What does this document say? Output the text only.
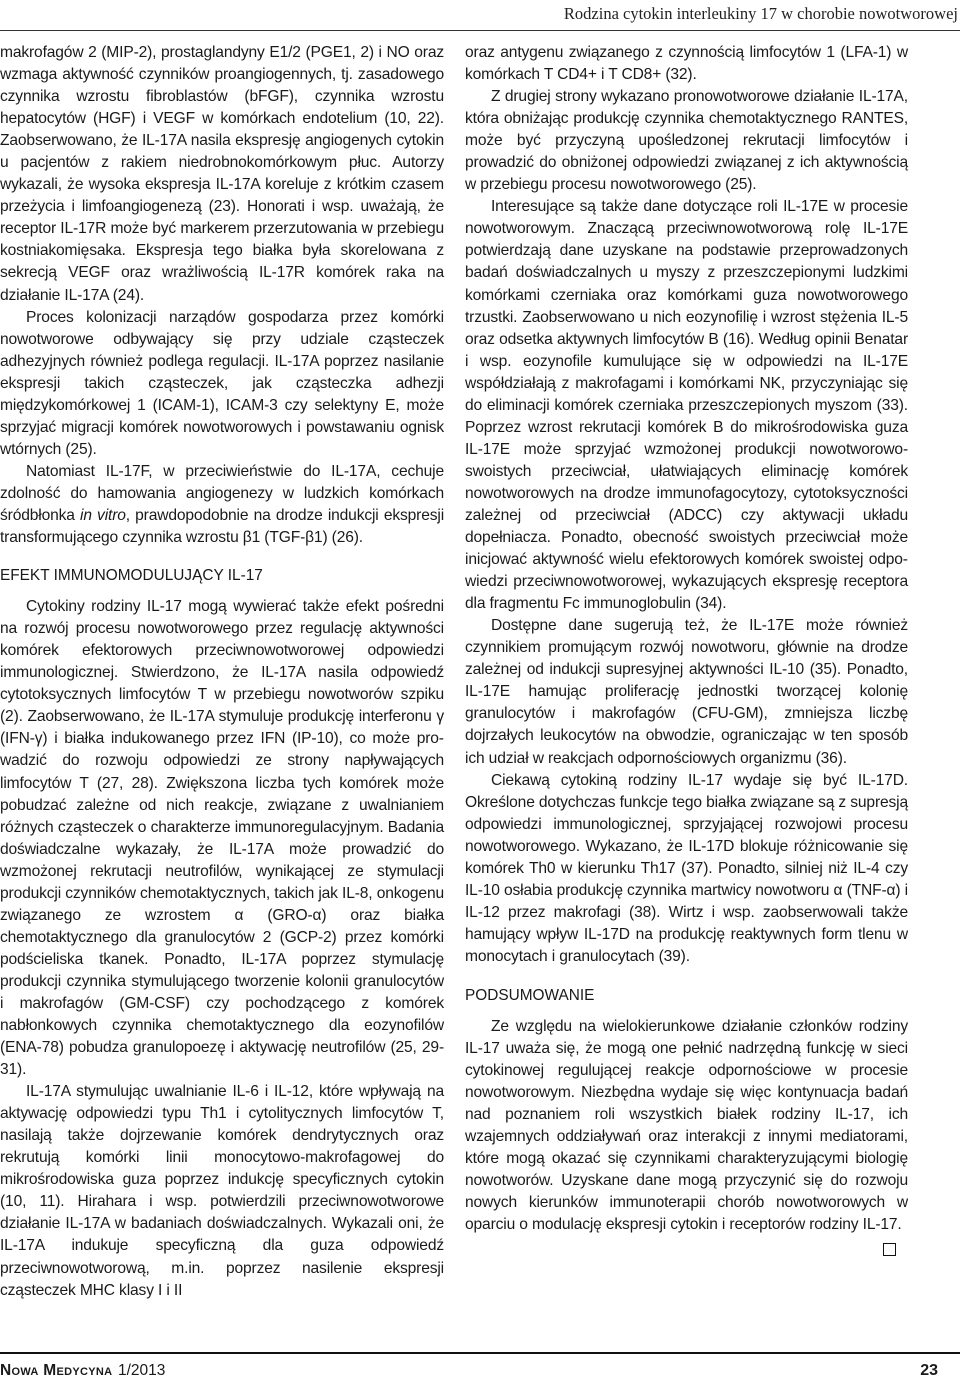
Rodzina cytokin interleukiny 17 w chorobie nowotworowej

makrofagów 2 (MIP-2), prostaglandyny E1/2 (PGE1, 2) i NO oraz wzmaga aktywność czynników proangiogennych, tj. zasadowego czynnika wzrostu fibroblastów (bFGF), czynnika wzrostu hepatocytów (HGF) i VEGF w komórkach endotelium (10, 22). Zaobserwowano, że IL-17A nasila ekspresję angiogenych cytokin u pacjentów z rakiem niedrobnokomórkowym płuc. Autorzy wykazali, że wysoka ekspresja IL-17A koreluje z krótkim czasem przeżycia i limfoangiogenezą (23). Honorati i wsp. uważają, że receptor IL-17R może być markerem przerzutowania w przebiegu kostniakomięsaka. Ekspresja tego białka była skorelowana z sekrecją VEGF oraz wrażliwością IL-17R komórek raka na działanie IL-17A (24).

Proces kolonizacji narządów gospodarza przez komórki nowotworowe odbywający się przy udziale cząsteczek adhezyjnych również podlega regulacji. IL-17A poprzez nasilanie ekspresji takich cząsteczek, jak cząsteczka adhezji międzykomórkowej 1 (ICAM-1), ICAM-3 czy selektyny E, może sprzyjać migracji komórek nowotworowych i powstawaniu ognisk wtórnych (25).

Natomiast IL-17F, w przeciwieństwie do IL-17A, cechuje zdolność do hamowania angiogenezy w ludzkich komórkach śródbłonka in vitro, prawdopodobnie na drodze indukcji ekspresji transformującego czynnika wzrostu β1 (TGF-β1) (26).

EFEKT IMMUNOMODULUJĄCY IL-17

Cytokiny rodziny IL-17 mogą wywierać także efekt pośredni na rozwój procesu nowotworowego przez regulację aktywności komórek efektorowych przeciwnowotworowej odpowiedzi immunologicznej. Stwierdzono, że IL-17A nasila odpowiedź cytotoksycznych limfocytów T w przebiegu nowotworów szpiku (2). Zaobserwowano, że IL-17A stymuluje produkcję interferonu γ (IFN-γ) i białka indukowanego przez IFN (IP-10), co może prowadzić do rozwoju odpowiedzi ze strony napływających limfocytów T (27, 28). Zwiększona liczba tych komórek może pobudzać zależne od nich reakcje, związane z uwalnianiem różnych cząsteczek o charakterze immunoregulacyjnym. Badania doświadczalne wykazały, że IL-17A może prowadzić do wzmożonej rekrutacji neutrofilów, wynikającej ze stymulacji produkcji czynników chemotaktycznych, takich jak IL-8, onkogenu związanego ze wzrostem α (GRO-α) oraz białka chemotaktycznego dla granulocytów 2 (GCP-2) przez komórki podścieliska tkanek. Ponadto, IL-17A poprzez stymulację produkcji czynnika stymulującego tworzenie kolonii granulocytów i makrofagów (GM-CSF) czy pochodzącego z komórek nabłonkowych czynnika chemotaktycznego dla eozynofilów (ENA-78) pobudza granulopoezę i aktywację neutrofilów (25, 29-31).

IL-17A stymulując uwalnianie IL-6 i IL-12, które wpływają na aktywację odpowiedzi typu Th1 i cytolitycznych limfocytów T, nasilają także dojrzewanie komórek dendrytycznych oraz rekrutują komórki linii monocytowo-makrofagowej do mikrośrodowiska guza poprzez indukcję specyficznych cytokin (10, 11). Hirahara i wsp. potwierdzili przeciwnowotworowe działanie IL-17A w badaniach doświadczalnych. Wykazali oni, że IL-17A indukuje specyficzną dla guza odpowiedź przeciwnowotworową, m.in. poprzez nasilenie ekspresji cząsteczek MHC klasy I i II

oraz antygenu związanego z czynnością limfocytów 1 (LFA-1) w komórkach T CD4+ i T CD8+ (32).

Z drugiej strony wykazano pronowotworowe działanie IL-17A, która obniżając produkcję czynnika chemotaktycznego RANTES, może być przyczyną upośledzonej rekrutacji limfocytów i prowadzić do obniżonej odpowiedzi związanej z ich aktywnością w przebiegu procesu nowotworowego (25).

Interesujące są także dane dotyczące roli IL-17E w procesie nowotworowym. Znaczącą przeciwnowotworową rolę IL-17E potwierdzają dane uzyskane na podstawie przeprowadzonych badań doświadczalnych u myszy z przeszczepionymi ludzkimi komórkami czerniaka oraz komórkami guza nowotworowego trzustki. Zaobserwowano u nich eozynofilię i wzrost stężenia IL-5 oraz odsetka aktywnych limfocytów B (16). Według opinii Benatar i wsp. eozynofile kumulujące się w odpowiedzi na IL-17E współdziałają z makrofagami i komórkami NK, przyczyniając się do eliminacji komórek czerniaka przeszczepionych myszom (33). Poprzez wzrost rekrutacji komórek B do mikrośrodowiska guza IL-17E może sprzyjać wzmożonej produkcji nowotworowo-swoistych przeciwciał, ułatwiających eliminację komórek nowotworowych na drodze immunofagocytozy, cytotoksyczności zależnej od przeciwciał (ADCC) czy aktywacji układu dopełniacza. Ponadto, obecność swoistych przeciwciał może inicjować aktywność wielu efektorowych komórek swoistej odpowiedzi przeciwnowotworowej, wykazujących ekspresję receptora dla fragmentu Fc immunoglobulin (34).

Dostępne dane sugerują też, że IL-17E może również czynnikiem promującym rozwój nowotworu, głównie na drodze zależnej od indukcji supresyjnej aktywności IL-10 (35). Ponadto, IL-17E hamując proliferację jednostki tworzącej kolonię granulocytów i makrofagów (CFU-GM), zmniejsza liczbę dojrzałych leukocytów na obwodzie, ograniczając w ten sposób ich udział w reakcjach odpornościowych organizmu (36).

Ciekawą cytokiną rodziny IL-17 wydaje się być IL-17D. Określone dotychczas funkcje tego białka związane są z supresją odpowiedzi immunologicznej, sprzyjającej rozwojowi procesu nowotworowego. Wykazano, że IL-17D blokuje różnicowanie się komórek Th0 w kierunku Th17 (37). Ponadto, silniej niż IL-4 czy IL-10 osłabia produkcję czynnika martwicy nowotworu α (TNF-α) i IL-12 przez makrofagi (38). Wirtz i wsp. zaobserwowali także hamujący wpływ IL-17D na produkcję reaktywnych form tlenu w monocytach i granulocytach (39).

PODSUMOWANIE

Ze względu na wielokierunkowe działanie członków rodziny IL-17 uważa się, że mogą one pełnić nadrzędną funkcję w sieci cytokinowej regulującej reakcje odpornościowe w procesie nowotworowym. Niezbędna wydaje się więc kontynuacja badań nad poznaniem roli wszystkich białek rodziny IL-17, ich wzajemnych oddziaływań oraz interakcji z innymi mediatorami, które mogą okazać się czynnikami charakteryzującymi biologię nowotworów. Uzyskane dane mogą przyczynić się do rozwoju nowych kierunków immunoterapii chorób nowotworowych w oparciu o modulację ekspresji cytokin i receptorów rodziny IL-17.

Nowa Medycyna 1/2013	23
